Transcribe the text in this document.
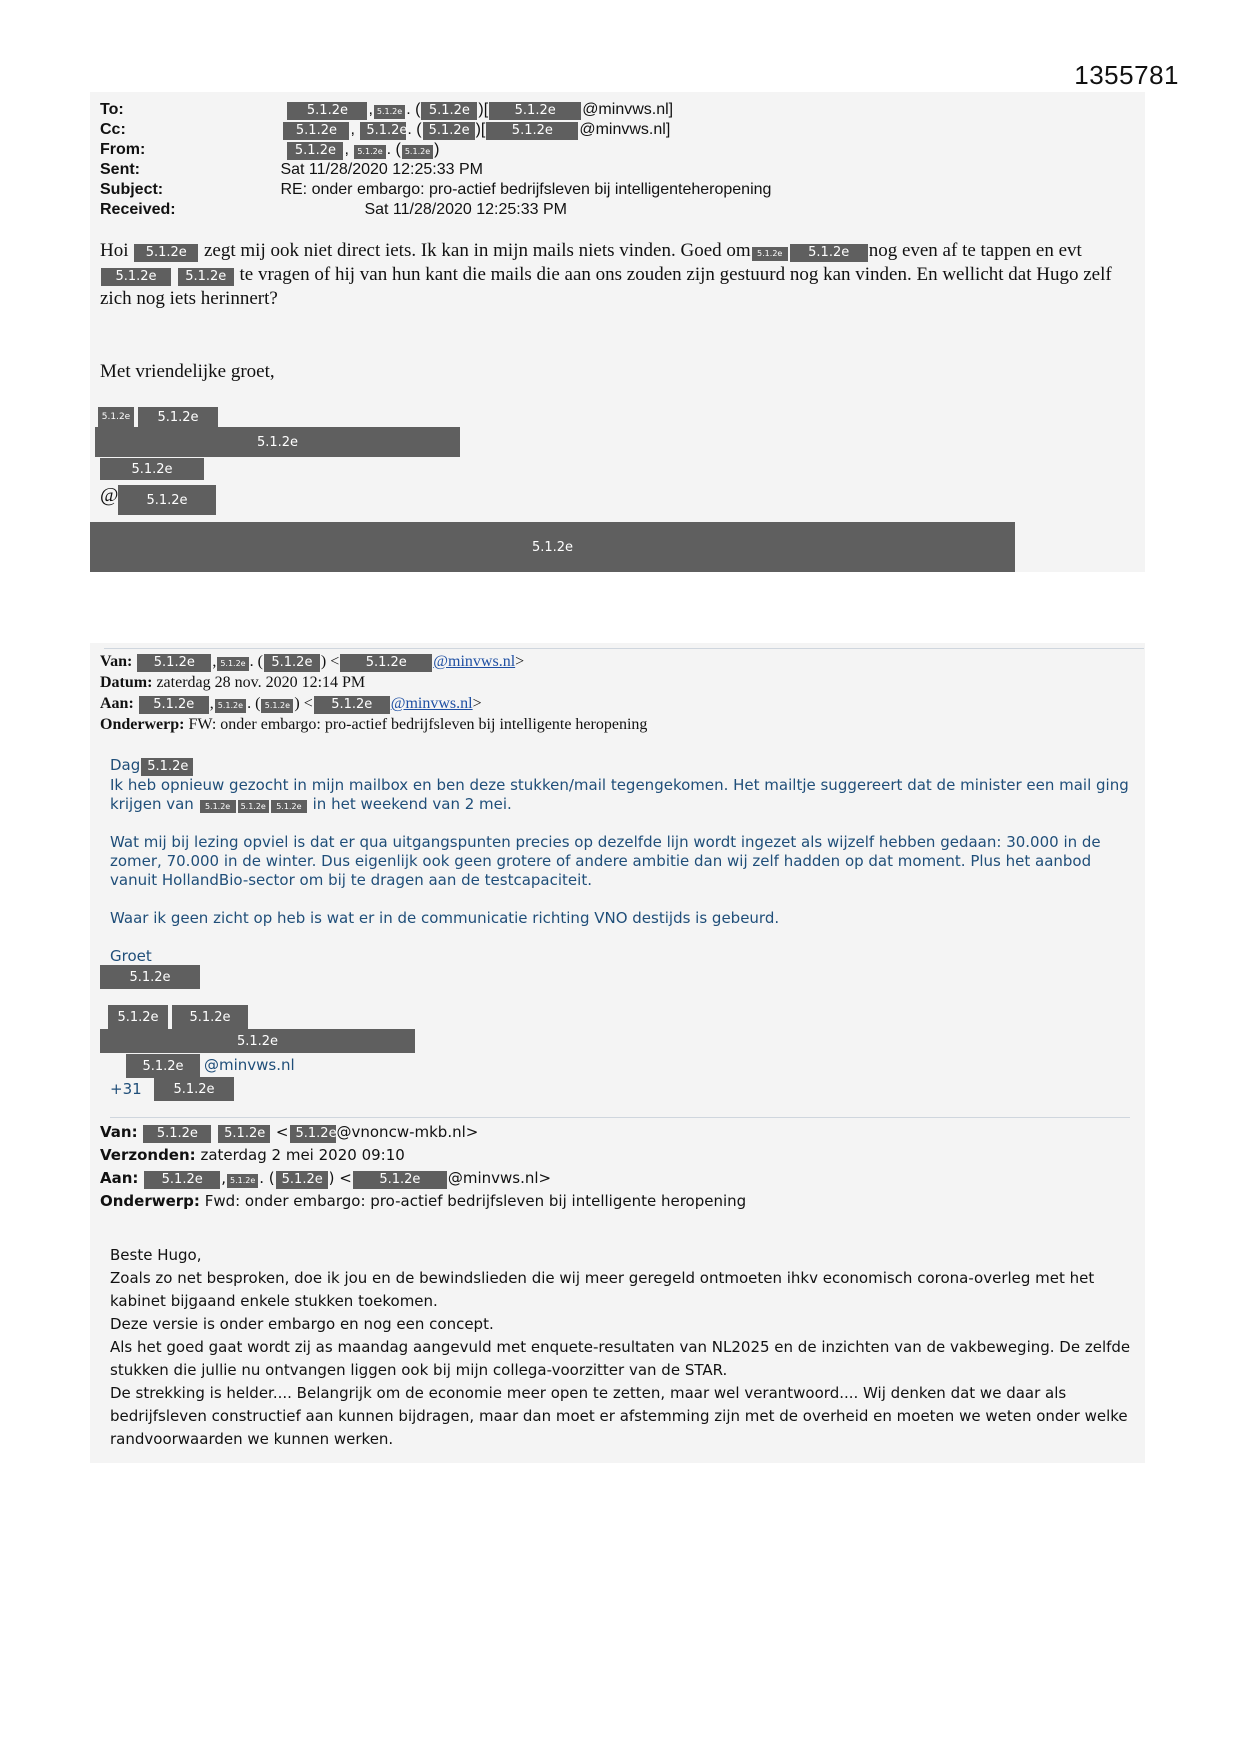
1355781
To:	5.1.2e , 5.1.2e . ( 5.1.2e )[ 5.1.2e @minvws.nl]
Cc:	5.1.2e , 5.1.2e. ( 5.1.2e )[ 5.1.2e @minvws.nl]
From:	5.1.2e , 5.1.2e . ( 5.1.2e )
Sent:	Sat 11/28/2020 12:25:33 PM
Subject:	RE: onder embargo: pro-actief bedrijfsleven bij intelligenteheropening
Received:	Sat 11/28/2020 12:25:33 PM
Hoi 5.1.2e zegt mij ook niet direct iets. Ik kan in mijn mails niets vinden. Goed om 5.1.2e 5.1.2e nog even af te tappen en evt 5.1.2e 5.1.2e te vragen of hij van hun kant die mails die aan ons zouden zijn gestuurd nog kan vinden. En wellicht dat Hugo zelf zich nog iets herinnert?
Met vriendelijke groet,
5.1.2e	5.1.2e
5.1.2e
5.1.2e
@	5.1.2e
5.1.2e
Van: 5.1.2e , 5.1.2e . ( 5.1.2e ) < 5.1.2e @minvws.nl>
Datum: zaterdag 28 nov. 2020 12:14 PM
Aan: 5.1.2e , 5.1.2e . ( 5.1.2e ) < 5.1.2e @minvws.nl>
Onderwerp: FW: onder embargo: pro-actief bedrijfsleven bij intelligente heropening
Dag 5.1.2e
Ik heb opnieuw gezocht in mijn mailbox en ben deze stukken/mail tegengekomen. Het mailtje suggereert dat de minister een mail ging krijgen van 5.1.2e 5.1.2e 5.1.2e in het weekend van 2 mei.
Wat mij bij lezing opviel is dat er qua uitgangspunten precies op dezelfde lijn wordt ingezet als wijzelf hebben gedaan: 30.000 in de zomer, 70.000 in de winter. Dus eigenlijk ook geen grotere of andere ambitie dan wij zelf hadden op dat moment. Plus het aanbod vanuit HollandBio-sector om bij te dragen aan de testcapaciteit.
Waar ik geen zicht op heb is wat er in de communicatie richting VNO destijds is gebeurd.
Groet
5.1.2e
5.1.2e	5.1.2e
5.1.2e
5.1.2e	@minvws.nl
+31	5.1.2e
Van: 5.1.2e 5.1.2e < 5.1.2e@vnoncw-mkb.nl>
Verzonden: zaterdag 2 mei 2020 09:10
Aan: 5.1.2e , 5.1.2e . ( 5.1.2e ) < 5.1.2e @minvws.nl>
Onderwerp: Fwd: onder embargo: pro-actief bedrijfsleven bij intelligente heropening

Beste Hugo,

Zoals zo net besproken, doe ik jou en de bewindslieden die wij meer geregeld ontmoeten ihkv economisch corona-overleg met het kabinet bijgaand enkele stukken toekomen.

Deze versie is onder embargo en nog een concept.

Als het goed gaat wordt zij as maandag aangevuld met enquete-resultaten van NL2025 en de inzichten van de vakbeweging. De zelfde stukken die jullie nu ontvangen liggen ook bij mijn collega-voorzitter van de STAR.

De strekking is helder.... Belangrijk om de economie meer open te zetten, maar wel verantwoord.... Wij denken dat we daar als bedrijfsleven constructief aan kunnen bijdragen, maar dan moet er afstemming zijn met de overheid en moeten we weten onder welke randvoorwaarden we kunnen werken.
